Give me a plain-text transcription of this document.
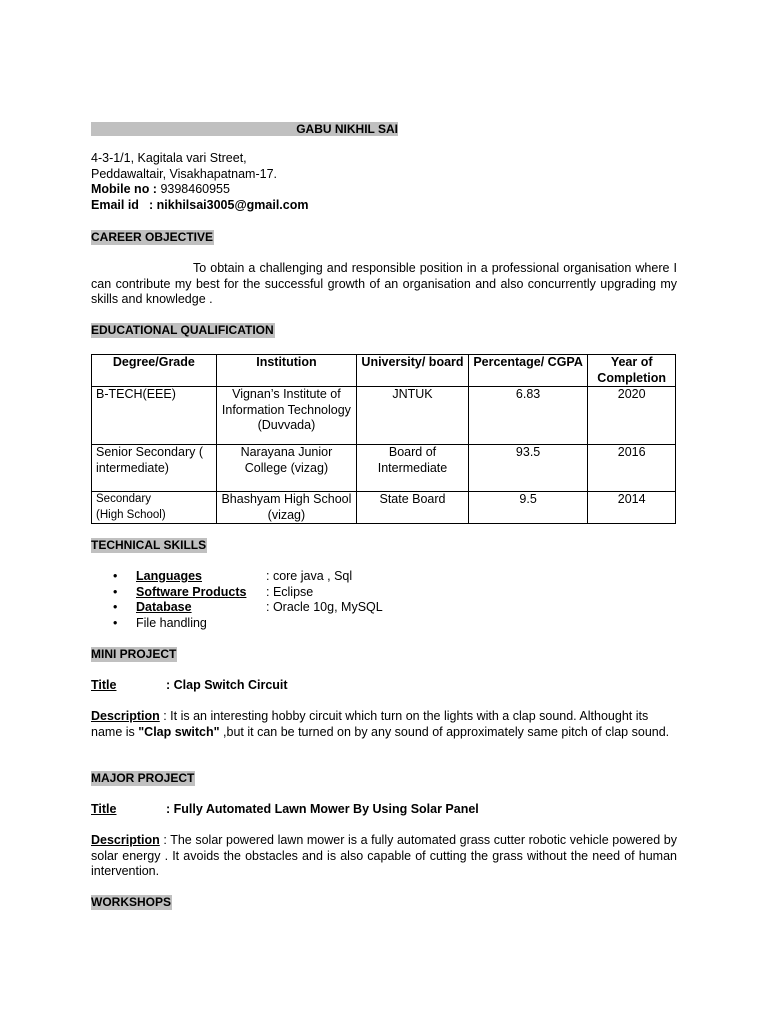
GABU NIKHIL SAI
4-3-1/1, Kagitala vari Street,
Peddawaltair, Visakhapatnam-17.
Mobile no : 9398460955
Email id : nikhilsai3005@gmail.com
CAREER OBJECTIVE
To obtain a challenging and responsible position in a professional organisation where I can contribute my best for the successful growth of an organisation and also concurrently upgrading my skills and knowledge .
EDUCATIONAL QUALIFICATION
Degree/Grade	Institution	University/ board	Percentage/ CGPA	Year of Completion
B-TECH(EEE)	Vignan’s Institute of Information Technology (Duvvada)	JNTUK	6.83	2020
Senior Secondary ( intermediate)	Narayana Junior College (vizag)	Board of Intermediate	93.5	2016

Secondary
(High School)	Bhashyam High School (vizag)	State Board	9.5	2014
TECHNICAL SKILLS
• Languages	: core java , Sql
• Software Products : Eclipse
• Database	: Oracle 10g, MySQL
• File handling
MINI PROJECT
Title	: Clap Switch Circuit
Description : It is an interesting hobby circuit which turn on the lights with a clap sound. Althought its name is "Clap switch" ,but it can be turned on by any sound of approximately same pitch of clap sound.
MAJOR PROJECT
Title	: Fully Automated Lawn Mower By Using Solar Panel
Description : The solar powered lawn mower is a fully automated grass cutter robotic vehicle powered by solar energy . It avoids the obstacles and is also capable of cutting the grass without the need of human intervention.
WORKSHOPS
